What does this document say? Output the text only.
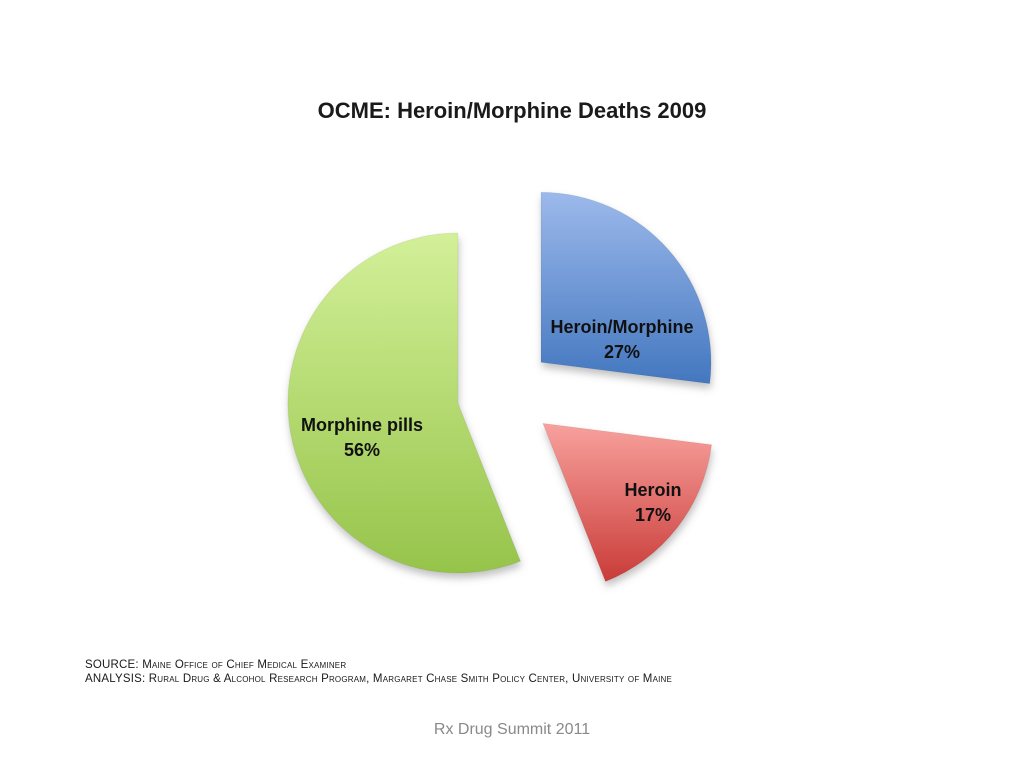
OCME: Heroin/Morphine Deaths 2009
Heroin/Morphine
27%
Heroin
17%
Morphine pills
56%
SOURCE: Maine Office of Chief Medical Examiner
ANALYSIS: Rural Drug & Alcohol Research Program, Margaret Chase Smith Policy Center, University of Maine
Rx Drug Summit 2011
